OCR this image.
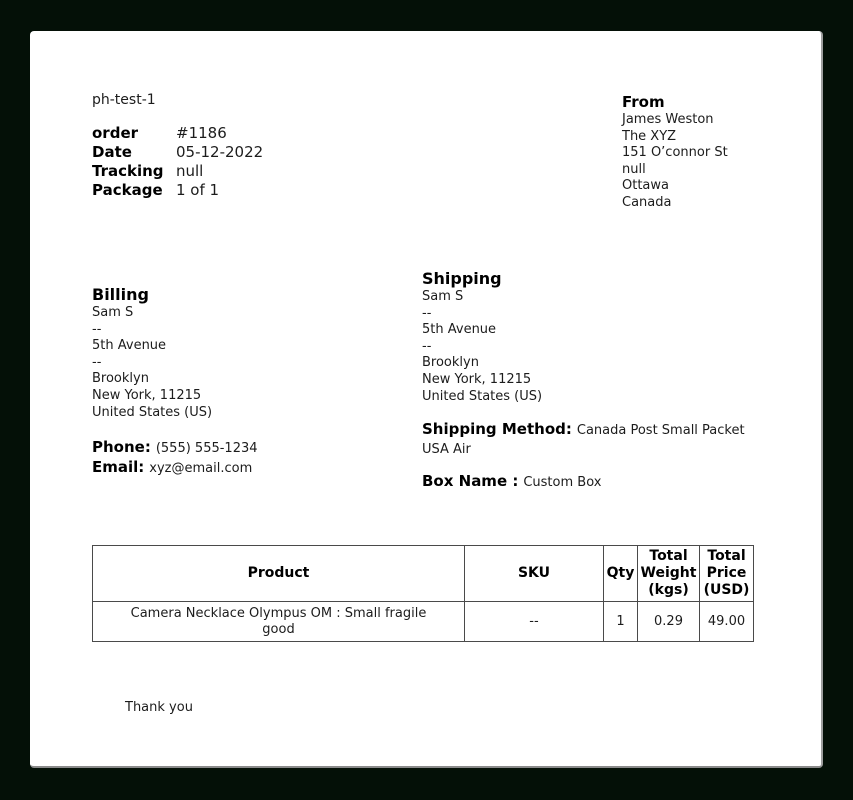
ph-test-1
order	#1186
Date	05-12-2022
Tracking null
Package 1 of 1
From
James Weston
The XYZ
151 O’connor St
null
Ottawa
Canada
Billing
Sam S
--
5th Avenue
--
Brooklyn
New York, 11215
United States (US)
Phone: (555) 555-1234
Email: xyz@email.com
Shipping
Sam S
--
5th Avenue
--
Brooklyn
New York, 11215
United States (US)
Shipping Method: Canada Post Small Packet USA Air
Box Name : Custom Box
Product	SKU	Qty	Total Weight (kgs)	Total Price (USD)
Camera Necklace Olympus OM : Small fragile good	--	1	0.29	49.00
Thank you
